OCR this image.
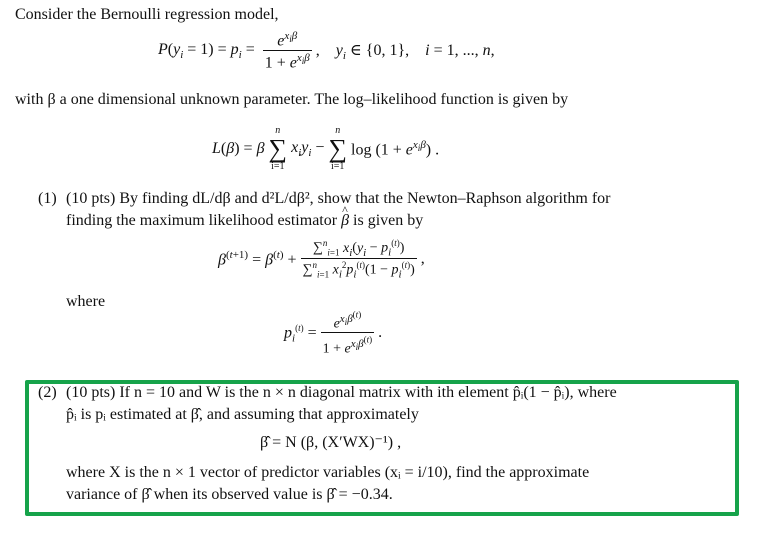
Consider the Bernoulli regression model,
$P(y_i = 1) = p_i = \frac{e^{x_i\beta}}{1 + e^{x_i\beta}}$ ,    $y_i$ ∈ {0, 1},    i = 1, ..., n,
with β a one dimensional unknown parameter. The log–likelihood function is given by
L(β) = β
n
∑
i=1
$x_iy_i$ −
n
∑
i=1
$\log (1 + e^{x_i\beta})$ .
(1) (10 pts) By finding dL/dβ and d²L/dβ², show that the Newton–Raphson algorithm for
finding the maximum likelihood estimator ^ β is given by
$\beta^{(t+1)} = \beta^{(t)} + \frac{\sum^n_{i=1} x_i(y_i - p_i^{(t)})}{\sum^n_{i=1} x_i^2p_i^{(t)}(1 - p_i^{(t)})}$ ,
where
$p_i^{(t)} = \frac{e^{x_i\beta^{(t)}}}{1 + e^{x_i\beta^{(t)}}}$ .
(2) (10 pts) If n = 10 and W is the n × n diagonal matrix with ith element p̂ᵢ(1 − p̂ᵢ), where
p̂ᵢ is pᵢ estimated at β̂, and assuming that approximately
β̂ = N (β, (X′WX)⁻¹) ,
where X is the n × 1 vector of predictor variables (xᵢ = i/10), find the approximate
variance of β̂ when its observed value is β̂ = −0.34.
